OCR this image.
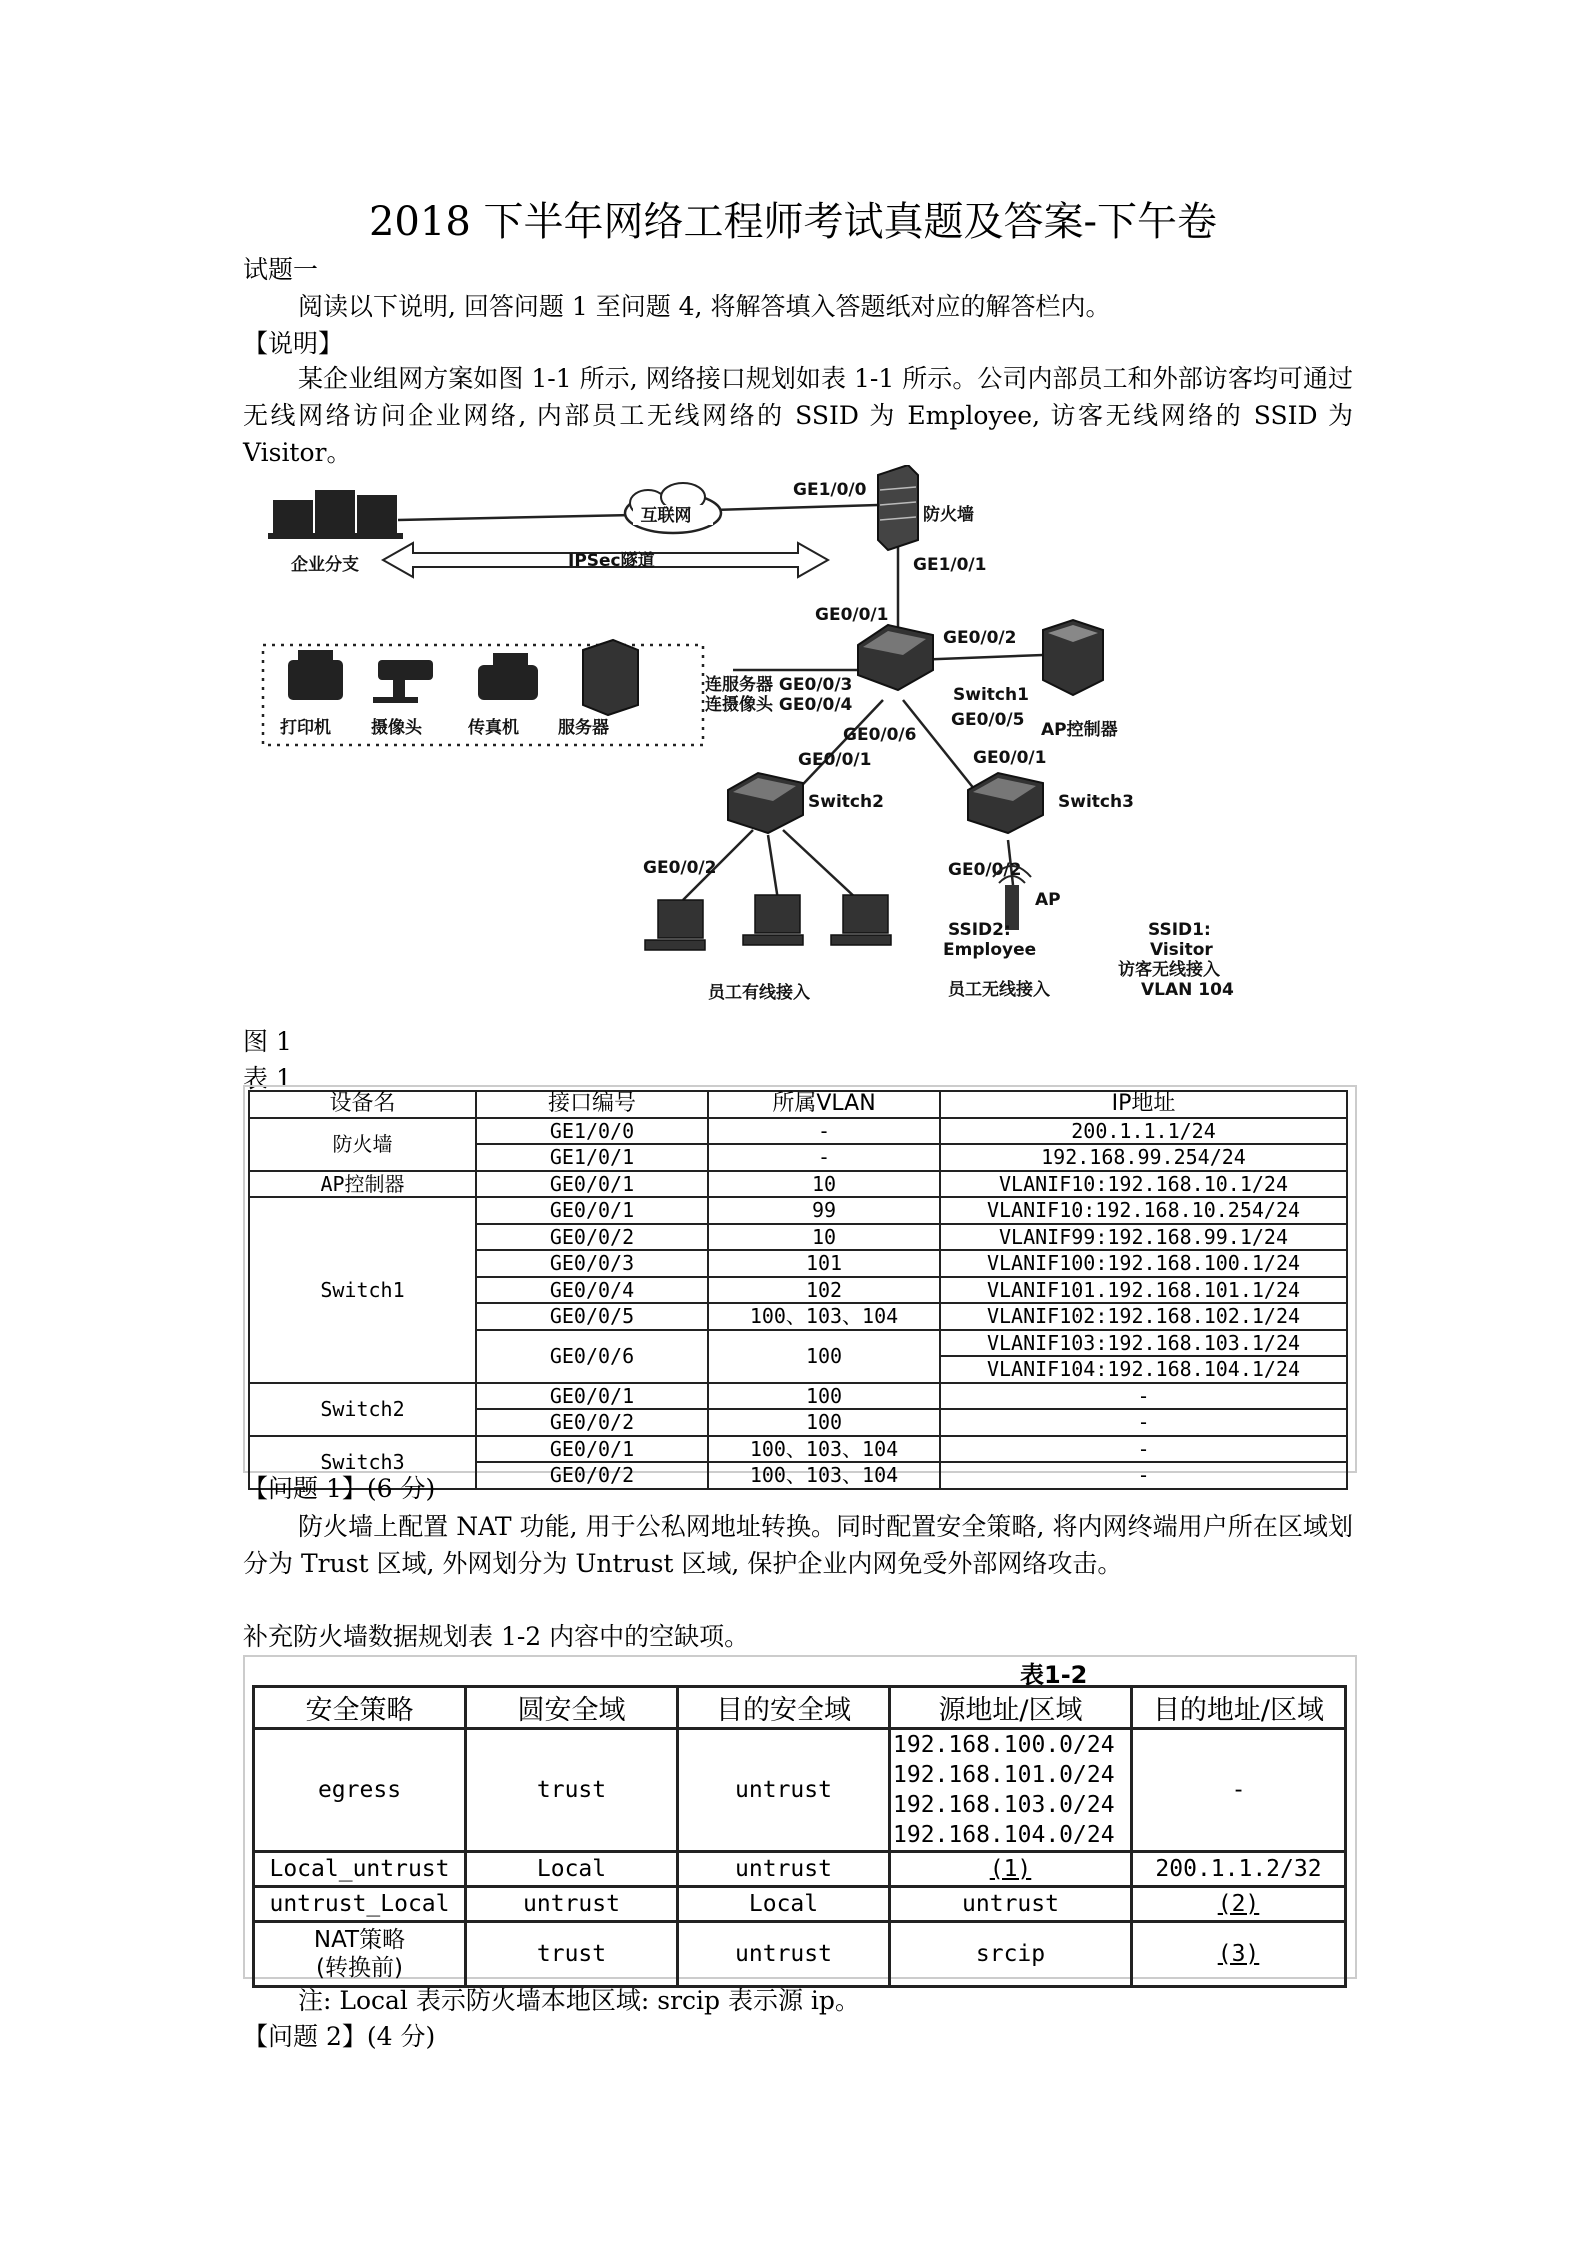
2018 下半年网络工程师考试真题及答案-下午卷
试题一
阅读以下说明, 回答问题 1 至问题 4, 将解答填入答题纸对应的解答栏内。
【说明】
某企业组网方案如图 1-1 所示, 网络接口规划如表 1-1 所示。公司内部员工和外部访客均可通过无线网络访问企业网络, 内部员工无线网络的 SSID 为 Employee, 访客无线网络的 SSID 为 Visitor。
互联网
企业分支	IPSec隧道
GE1/0/0
防火墙
GE1/0/1
GE0/0/1
GE0/0/2
连服务器 GE0/0/3
连摄像头 GE0/0/4	Switch1
GE0/0/5
GE0/0/6	AP控制器
打印机 摄像头	传真机 服务器
GE0/0/1
Switch2
GE0/0/2
GE0/0/1
Switch3
GE0/0/2
AP
SSID2:
Employee
员工无线接入
员工有线接入
SSID1:
Visitor
访客无线接入
VLAN 104
图 1
表 1
设备名	接口编号	所属VLAN	IP地址
防火墙	GE1/0/0	-	200.1.1.1/24
	GE1/0/1	-	192.168.99.254/24
AP控制器	GE0/0/1	10	VLANIF10:192.168.10.1/24
Switch1	GE0/0/1	99	VLANIF10:192.168.10.254/24
	GE0/0/2	10	VLANIF99:192.168.99.1/24
	GE0/0/3	101	VLANIF100:192.168.100.1/24
	GE0/0/4	102	VLANIF101.192.168.101.1/24
	GE0/0/5	100、103、104	VLANIF102:192.168.102.1/24
	GE0/0/6	100	VLANIF103:192.168.103.1/24
			VLANIF104:192.168.104.1/24
Switch2	GE0/0/1	100	-
	GE0/0/2	100	-
Switch3	GE0/0/1	100、103、104	-
	GE0/0/2	100、103、104	-
【问题 1】(6 分)
防火墙上配置 NAT 功能, 用于公私网地址转换。同时配置安全策略, 将内网终端用户所在区域划分为 Trust 区域, 外网划分为 Untrust 区域, 保护企业内网免受外部网络攻击。
补充防火墙数据规划表 1-2 内容中的空缺项。
表1-2
安全策略	圆安全域	目的安全域	源地址/区域	目的地址/区域
egress	trust	untrust	192.168.100.0/24
192.168.101.0/24
192.168.103.0/24
192.168.104.0/24	-
Local_untrust	Local	untrust	(1)	200.1.1.2/32
untrust_Local	untrust	Local	untrust	(2)
NAT策略
(转换前)	trust	untrust	srcip	(3)
注: Local 表示防火墙本地区域: srcip 表示源 ip。
【问题 2】(4 分)
